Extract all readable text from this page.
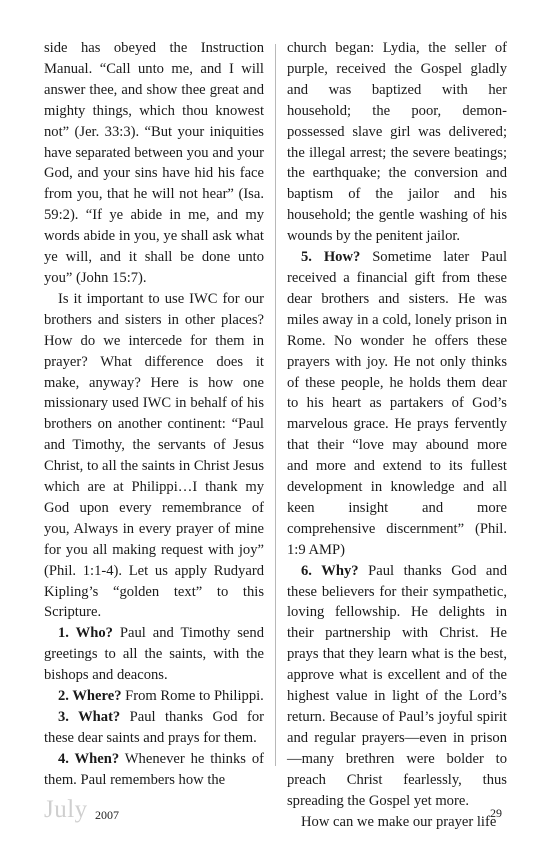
side has obeyed the Instruction Manual. “Call unto me, and I will answer thee, and show thee great and mighty things, which thou knowest not” (Jer. 33:3). “But your iniquities have separated between you and your God, and your sins have hid his face from you, that he will not hear” (Isa. 59:2). “If ye abide in me, and my words abide in you, ye shall ask what ye will, and it shall be done unto you” (John 15:7).

Is it important to use IWC for our brothers and sisters in other places? How do we intercede for them in prayer? What difference does it make, anyway? Here is how one missionary used IWC in behalf of his brothers on another continent: “Paul and Timothy, the servants of Jesus Christ, to all the saints in Christ Jesus which are at Philippi…I thank my God upon every remembrance of you, Always in every prayer of mine for you all making request with joy” (Phil. 1:1-4). Let us apply Rudyard Kipling’s “golden text” to this Scripture.

1. Who? Paul and Timothy send greetings to all the saints, with the bishops and deacons.

2. Where? From Rome to Philippi.

3. What? Paul thanks God for these dear saints and prays for them.

4. When? Whenever he thinks of them. Paul remembers how the

church began: Lydia, the seller of purple, received the Gospel gladly and was baptized with her household; the poor, demon-possessed slave girl was delivered; the illegal arrest; the severe beatings; the earthquake; the conversion and baptism of the jailor and his household; the gentle washing of his wounds by the penitent jailor.

5. How? Sometime later Paul received a financial gift from these dear brothers and sisters. He was miles away in a cold, lonely prison in Rome. No wonder he offers these prayers with joy. He not only thinks of these people, he holds them dear to his heart as partakers of God’s marvelous grace. He prays fervently that their “love may abound more and more and extend to its fullest development in knowledge and all keen insight and more comprehensive discernment” (Phil. 1:9 AMP)

6. Why? Paul thanks God and these believers for their sympathetic, loving fellowship. He delights in their partnership with Christ. He prays that they learn what is the best, approve what is excellent and of the highest value in light of the Lord’s return. Because of Paul’s joyful spirit and regular prayers—even in prison—many brethren were bolder to preach Christ fearlessly, thus spreading the Gospel yet more.

How can we make our prayer life

July 2007	29
